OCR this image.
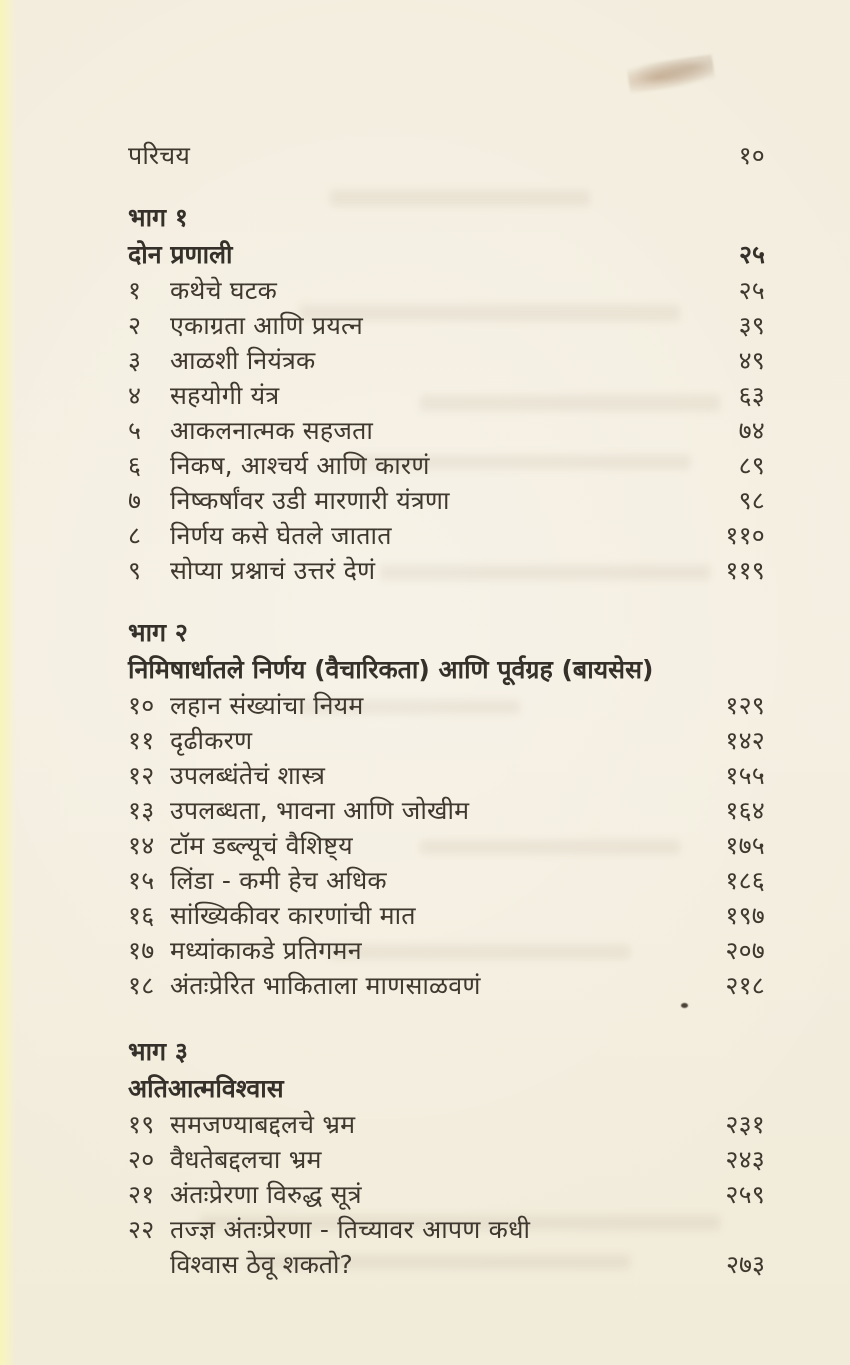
परिचय	१०
भाग १
दोन प्रणाली	२५
१	कथेचे घटक	२५
२	एकाग्रता आणि प्रयत्न	३९
३	आळशी नियंत्रक	४९
४	सहयोगी यंत्र	६३
५	आकलनात्मक सहजता	७४
६	निकष, आश्चर्य आणि कारणं	८९
७	निष्कर्षांवर उडी मारणारी यंत्रणा	९८
८	निर्णय कसे घेतले जातात	११०
९	सोप्या प्रश्नाचं उत्तरं देणं	११९
भाग २
निमिषार्धातले निर्णय (वैचारिकता) आणि पूर्वग्रह (बायसेस)
१० लहान संख्यांचा नियम	१२९
११ दृढीकरण	१४२
१२ उपलब्धंतेचं शास्त्र	१५५
१३ उपलब्धता, भावना आणि जोखीम	१६४
१४ टॉम डब्ल्यूचं वैशिष्ट्य	१७५
१५ लिंडा - कमी हेच अधिक	१८६
१६ सांख्यिकीवर कारणांची मात	१९७
१७ मध्यांकाकडे प्रतिगमन	२०७
१८ अंतःप्रेरित भाकिताला माणसाळवणं	२१८
भाग ३
अतिआत्मविश्वास
१९ समजण्याबद्दलचे भ्रम	२३१
२० वैधतेबद्दलचा भ्रम	२४३
२१ अंतःप्रेरणा विरुद्ध सूत्रं	२५९
२२ तज्ज्ञ अंतःप्रेरणा - तिच्यावर आपण कधी
विश्वास ठेवू शकतो?	२७३
